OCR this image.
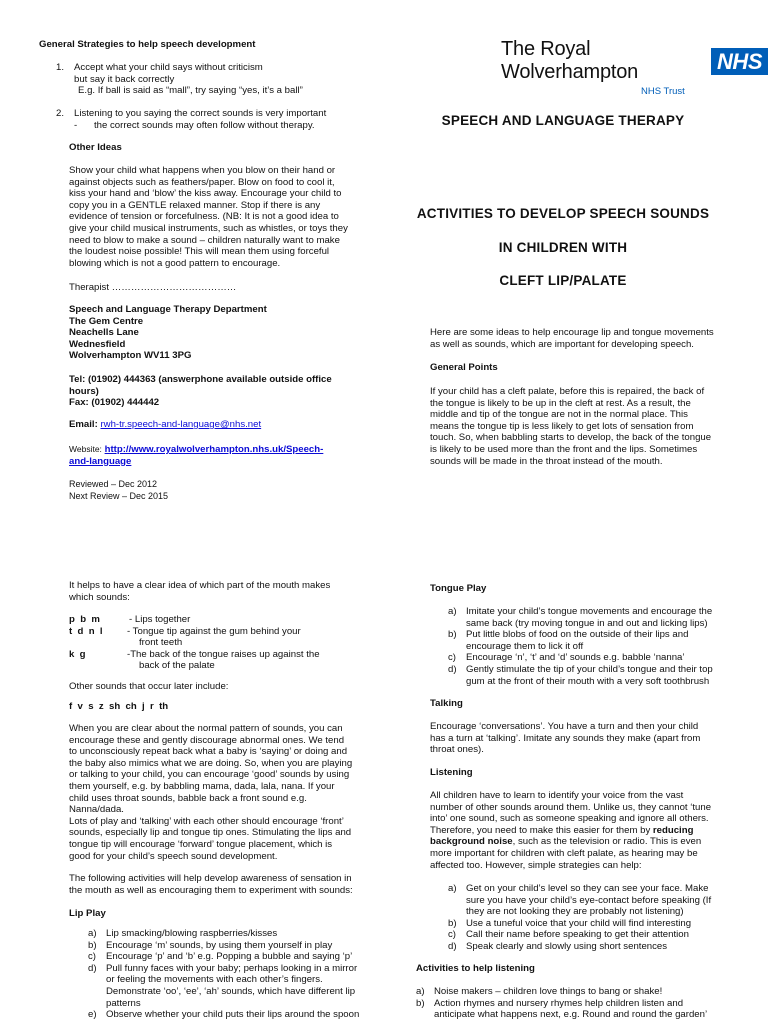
General Strategies to help speech development
1. Accept what your child says without criticism
but say it back correctly
E.g. If ball is said as “mall”, try saying “yes, it’s a ball”
2. Listening to you saying the correct sounds is very important
- the correct sounds may often follow without therapy.
Other Ideas
Show your child what happens when you blow on their hand or
against objects such as feathers/paper. Blow on food to cool it,
kiss your hand and ‘blow’ the kiss away. Encourage your child to
copy you in a GENTLE relaxed manner. Stop if there is any
evidence of tension or forcefulness. (NB: It is not a good idea to
give your child musical instruments, such as whistles, or toys they
need to blow to make a sound – children naturally want to make
the loudest noise possible! This will mean them using forceful
blowing which is not a good pattern to encourage.
Therapist …………………………………
Speech and Language Therapy Department
The Gem Centre
Neachells Lane
Wednesfield
Wolverhampton WV11 3PG
Tel: (01902) 444363 (answerphone available outside office
hours)
Fax: (01902) 444442
Email: rwh-tr.speech-and-language@nhs.net
Website: http://www.royalwolverhampton.nhs.uk/Speech-
and-language
Reviewed – Dec 2012
Next Review – Dec 2015
The Royal Wolverhampton	NHS
NHS Trust
SPEECH AND LANGUAGE THERAPY
ACTIVITIES TO DEVELOP SPEECH SOUNDS
IN CHILDREN WITH
CLEFT LIP/PALATE
Here are some ideas to help encourage lip and tongue movements
as well as sounds, which are important for developing speech.
General Points
If your child has a cleft palate, before this is repaired, the back of
the tongue is likely to be up in the cleft at rest. As a result, the
middle and tip of the tongue are not in the normal place. This
means the tongue tip is less likely to get lots of sensation from
touch. So, when babbling starts to develop, the back of the tongue
is likely to be used more than the front and the lips. Sometimes
sounds will be made in the throat instead of the mouth.
It helps to have a clear idea of which part of the mouth makes
which sounds:
p  b  m	- Lips together
t  d  n  l	- Tongue tip against the gum behind your
front teeth
k  g	-The back of the tongue raises up against the
back of the palate
Other sounds that occur later include:
f  v  s  z  sh  ch  j  r  th
When you are clear about the normal pattern of sounds, you can
encourage these and gently discourage abnormal ones. We tend
to unconsciously repeat back what a baby is ‘saying’ or doing and
the baby also mimics what we are doing. So, when you are playing
or talking to your child, you can encourage ‘good’ sounds by using
them yourself, e.g. by babbling mama, dada, lala, nana. If your
child uses throat sounds, babble back a front sound e.g.
Nanna/dada.
Lots of play and ‘talking’ with each other should encourage ‘front’
sounds, especially lip and tongue tip ones. Stimulating the lips and
tongue tip will encourage ‘forward’ tongue placement, which is
good for your child’s speech sound development.
The following activities will help develop awareness of sensation in
the mouth as well as encouraging them to experiment with sounds:
Lip Play
a) Lip smacking/blowing raspberries/kisses
b) Encourage ‘m’ sounds, by using them yourself in play
c) Encourage ‘p’ and ‘b’ e.g. Popping a bubble and saying ‘p’
d) Pull funny faces with your baby; perhaps looking in a mirror
or feeling the movements with each other’s fingers.
Demonstrate ‘oo’, ‘ee’, ‘ah’ sounds, which have different lip
patterns
e) Observe whether your child puts their lips around the spoon
Tongue Play
a) Imitate your child’s tongue movements and encourage the
same back (try moving tongue in and out and licking lips)
b) Put little blobs of food on the outside of their lips and
encourage them to lick it off
c) Encourage ‘n’, ‘t’ and ‘d’ sounds e.g. babble ‘nanna’
d) Gently stimulate the tip of your child’s tongue and their top
gum at the front of their mouth with a very soft toothbrush
Talking
Encourage ‘conversations’. You have a turn and then your child
has a turn at ‘talking’. Imitate any sounds they make (apart from
throat ones).
Listening
All children have to learn to identify your voice from the vast
number of other sounds around them. Unlike us, they cannot ‘tune
into’ one sound, such as someone speaking and ignore all others.
Therefore, you need to make this easier for them by reducing
background noise, such as the television or radio. This is even
more important for children with cleft palate, as hearing may be
affected too. However, simple strategies can help:
a) Get on your child’s level so they can see your face. Make
sure you have your child’s eye-contact before speaking (If
they are not looking they are probably not listening)
b) Use a tuneful voice that your child will find interesting
c) Call their name before speaking to get their attention
d) Speak clearly and slowly using short sentences
Activities to help listening
a) Noise makers – children love things to bang or shake!
b) Action rhymes and nursery rhymes help children listen and
anticipate what happens next, e.g. Round and round the garden’
